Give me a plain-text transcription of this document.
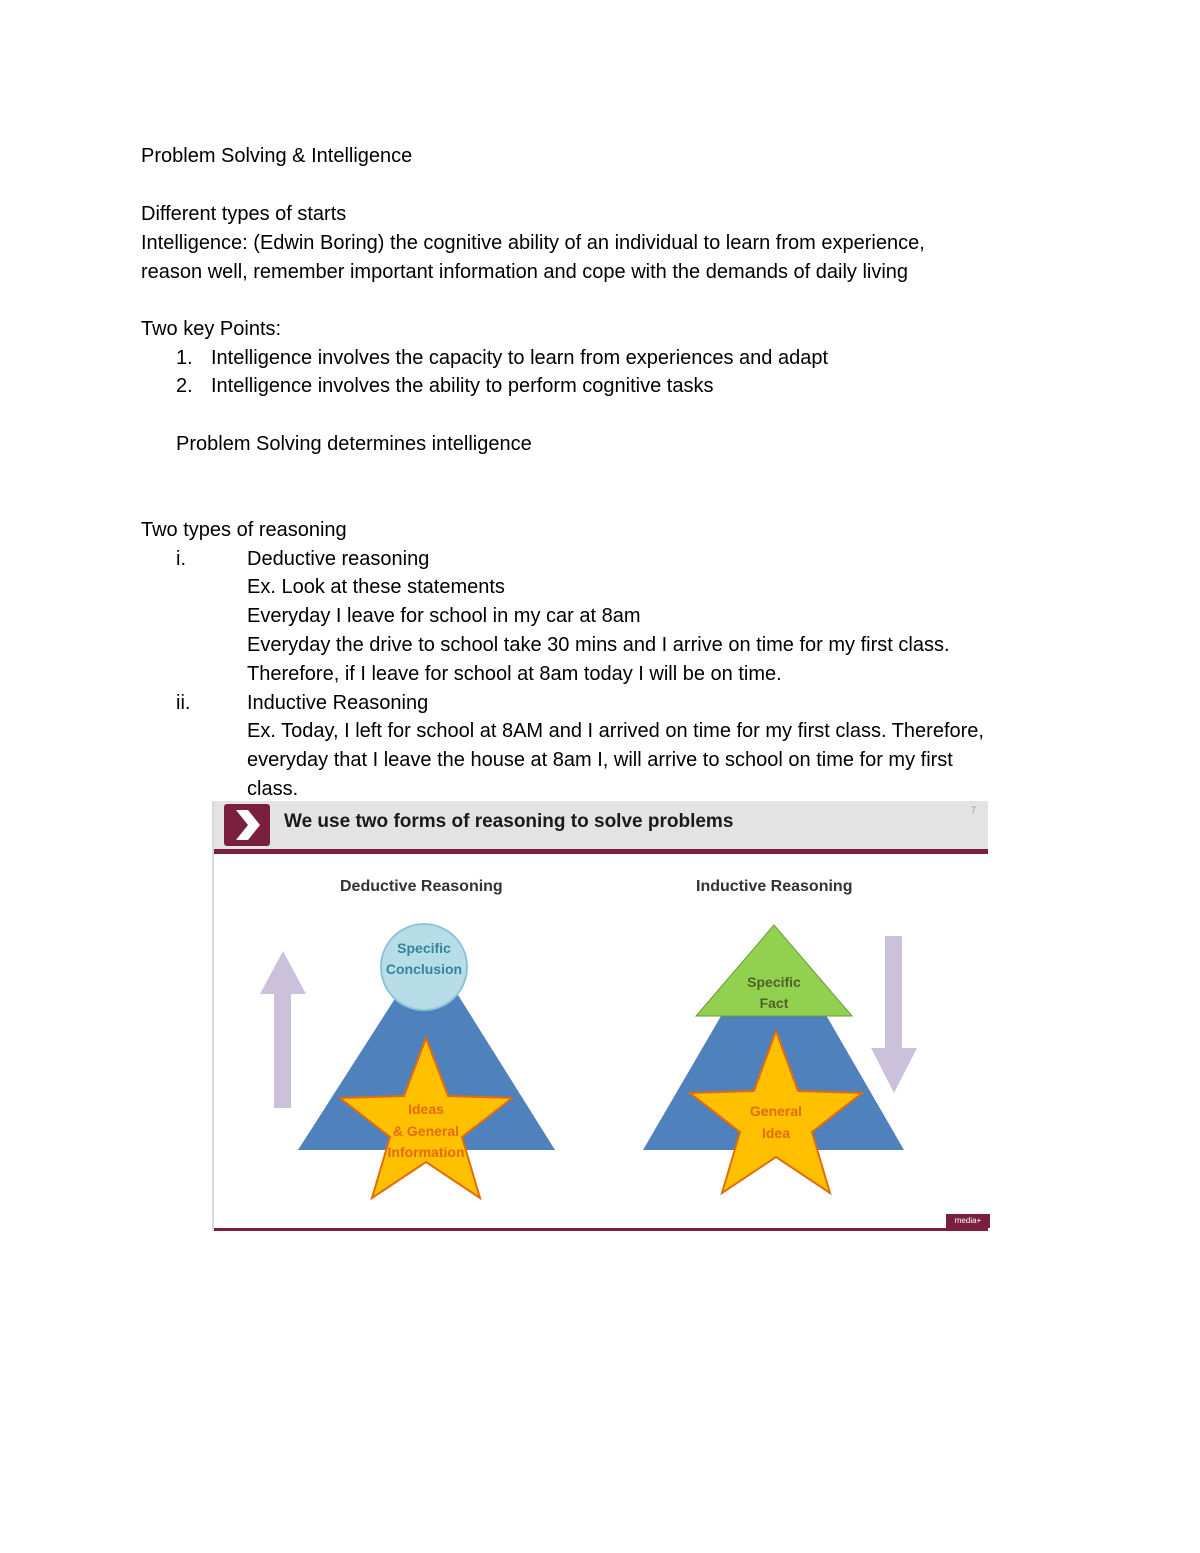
Problem Solving & Intelligence
Different types of starts
Intelligence: (Edwin Boring) the cognitive ability of an individual to learn from experience,
reason well, remember important information and cope with the demands of daily living
Two key Points:
1. Intelligence involves the capacity to learn from experiences and adapt
2. Intelligence involves the ability to perform cognitive tasks
Problem Solving determines intelligence
Two types of reasoning
i.	Deductive reasoning
Ex. Look at these statements
Everyday I leave for school in my car at 8am
Everyday the drive to school take 30 mins and I arrive on time for my first class.
Therefore, if I leave for school at 8am today I will be on time.
ii.	Inductive Reasoning
Ex. Today, I left for school at 8AM and I arrived on time for my first class. Therefore,
everyday that I leave the house at 8am I, will arrive to school on time for my first
class.
We use two forms of reasoning to solve problems
7
Deductive Reasoning	Inductive Reasoning
Specific
Conclusion
Ideas
& General
Information
Specific
Fact
General
Idea
media+
